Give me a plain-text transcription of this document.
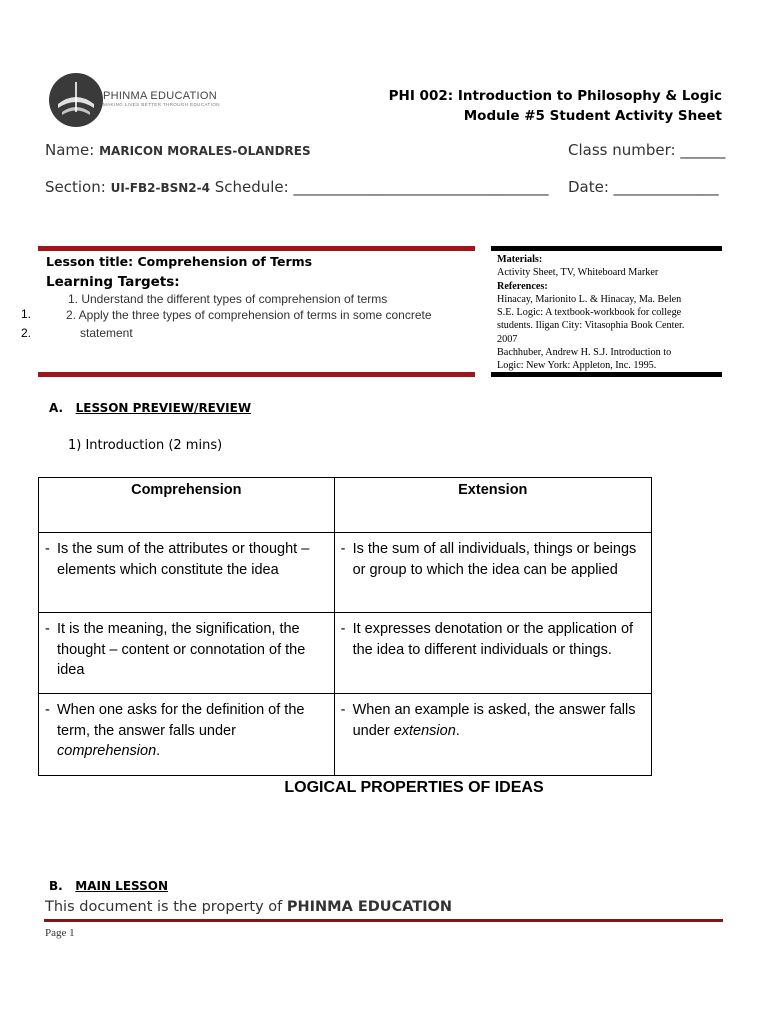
PHINMA EDUCATION
MAKING LIVES BETTER THROUGH EDUCATION
PHI 002: Introduction to Philosophy & Logic
Module #5 Student Activity Sheet
Name: MARICON MORALES-OLANDRES	Class number: ______
Section: UI-FB2-BSN2-4 Schedule: __________________________________ Date: ______________
Lesson title: Comprehension of Terms
Learning Targets:
1. Understand the different types of comprehension of terms
2. Apply the three types of comprehension of terms in some concrete
statement
1.
2.
Materials:
Activity Sheet, TV, Whiteboard Marker
References:
Hinacay, Marionito L. & Hinacay, Ma. Belen
S.E. Logic: A textbook-workbook for college
students. Iligan City: Vitasophia Book Center.
2007
Bachhuber, Andrew H. S.J. Introduction to
Logic: New York: Appleton, Inc. 1995.
A. LESSON PREVIEW/REVIEW
1) Introduction (2 mins)
Comprehension	Extension

- Is the sum of the attributes or thought – elements which constitute the idea	- Is the sum of all individuals, things or beings or group to which the idea can be applied

- It is the meaning, the signification, the thought – content or connotation of the idea	- It expresses denotation or the application of the idea to different individuals or things.

- When one asks for the definition of the term, the answer falls under comprehension.	- When an example is asked, the answer falls under extension.
LOGICAL PROPERTIES OF IDEAS
B. MAIN LESSON
This document is the property of PHINMA EDUCATION
Page 1
